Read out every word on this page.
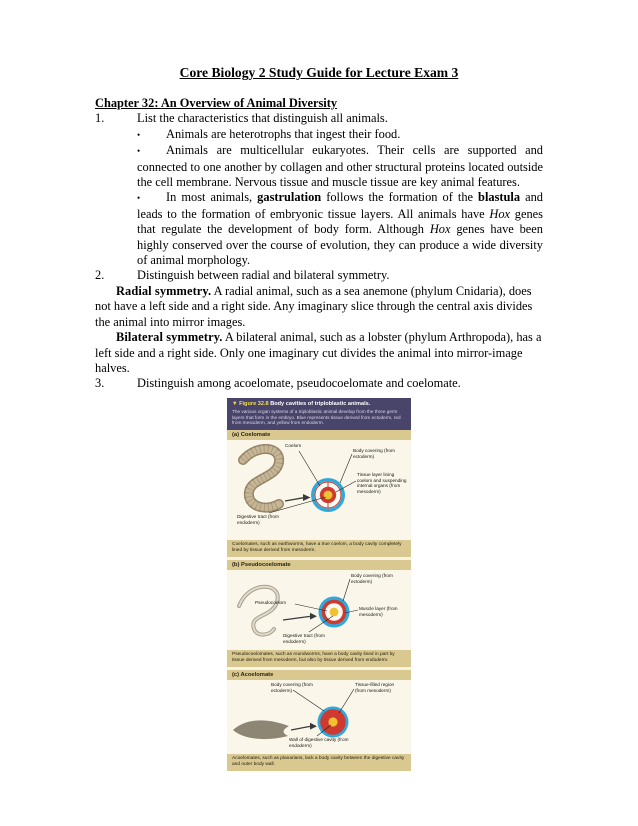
Core Biology 2 Study Guide for Lecture Exam 3

Chapter 32: An Overview of Animal Diversity

1.	List the characteristics that distinguish all animals.

• Animals are heterotrophs that ingest their food.

• Animals are multicellular eukaryotes. Their cells are supported and connected to one another by collagen and other structural proteins located outside the cell membrane. Nervous tissue and muscle tissue are key animal features.

• In most animals, gastrulation follows the formation of the blastula and leads to the formation of embryonic tissue layers. All animals have Hox genes that regulate the development of body form. Although Hox genes have been highly conserved over the course of evolution, they can produce a wide diversity of animal morphology.

2.	Distinguish between radial and bilateral symmetry.

Radial symmetry. A radial animal, such as a sea anemone (phylum Cnidaria), does not have a left side and a right side. Any imaginary slice through the central axis divides the animal into mirror images.

Bilateral symmetry. A bilateral animal, such as a lobster (phylum Arthropoda), has a left side and a right side. Only one imaginary cut divides the animal into mirror-image halves.

3.	Distinguish among acoelomate, pseudocoelomate and coelomate.

▼ Figure 32.8 Body cavities of triploblastic animals.
The various organ systems of a triploblastic animal develop from the three germ layers that form in the embryo. Blue represents tissue derived from ectoderm, red from mesoderm, and yellow from endoderm.
(a) Coelomate
Coelom
Body covering (from ectoderm)
Tissue layer lining coelom and suspending internal organs (from mesoderm)
Digestive tract (from endoderm)
Coelomates, such as earthworms, have a true coelom, a body cavity completely lined by tissue derived from mesoderm.
(b) Pseudocoelomate
Body covering (from ectoderm)
Pseudocoelom
Muscle layer (from mesoderm)
Digestive tract (from endoderm)
Pseudocoelomates, such as roundworms, have a body cavity lined in part by tissue derived from mesoderm, but also by tissue derived from endoderm.
(c) Acoelomate
Body covering (from ectoderm)
Tissue-filled region (from mesoderm)
Wall of digestive cavity (from endoderm)
Acoelomates, such as planarians, lack a body cavity between the digestive cavity and outer body wall.
